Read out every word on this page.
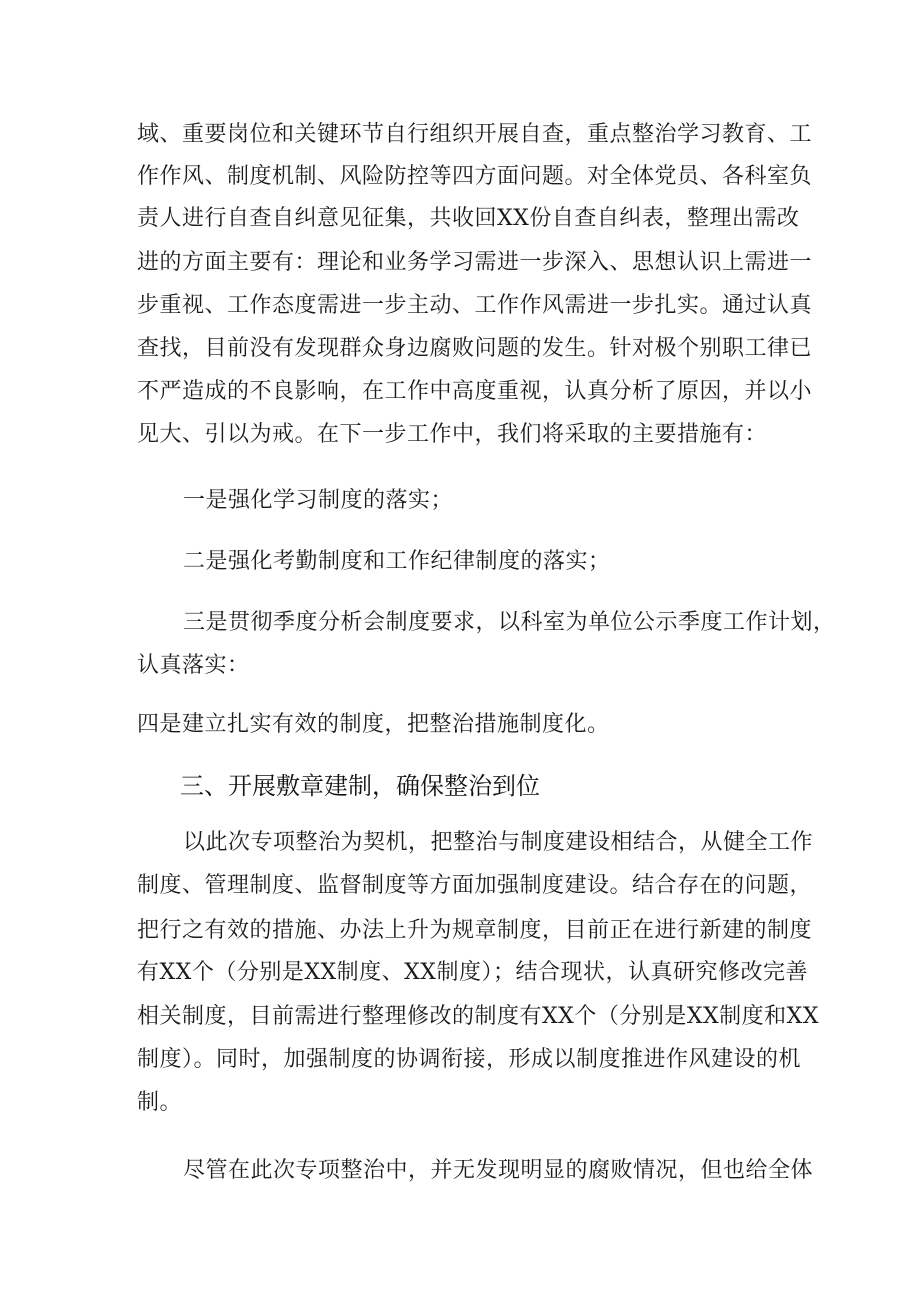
域、重要岗位和关键环节自行组织开展自查，重点整治学习教育、工
作作风、制度机制、风险防控等四方面问题。对全体党员、各科室负
责人进行自查自纠意见征集，共收回XX份自查自纠表，整理出需改
进的方面主要有：理论和业务学习需进一步深入、思想认识上需进一
步重视、工作态度需进一步主动、工作作风需进一步扎实。通过认真
查找，目前没有发现群众身边腐败问题的发生。针对极个别职工律已
不严造成的不良影响，在工作中高度重视，认真分析了原因，并以小
见大、引以为戒。在下一步工作中，我们将采取的主要措施有：
一是强化学习制度的落实；
二是强化考勤制度和工作纪律制度的落实；
三是贯彻季度分析会制度要求，以科室为单位公示季度工作计划，
认真落实：
四是建立扎实有效的制度，把整治措施制度化。
三、开展敷章建制，确保整治到位
以此次专项整治为契机，把整治与制度建设相结合，从健全工作
制度、管理制度、监督制度等方面加强制度建设。结合存在的问题，
把行之有效的措施、办法上升为规章制度，目前正在进行新建的制度
有XX个（分别是XX制度、XX制度）；结合现状，认真研究修改完善
相关制度，目前需进行整理修改的制度有XX个（分别是XX制度和XX
制度）。同时，加强制度的协调衔接，形成以制度推进作风建设的机
制。
尽管在此次专项整治中，并无发现明显的腐败情况，但也给全体
